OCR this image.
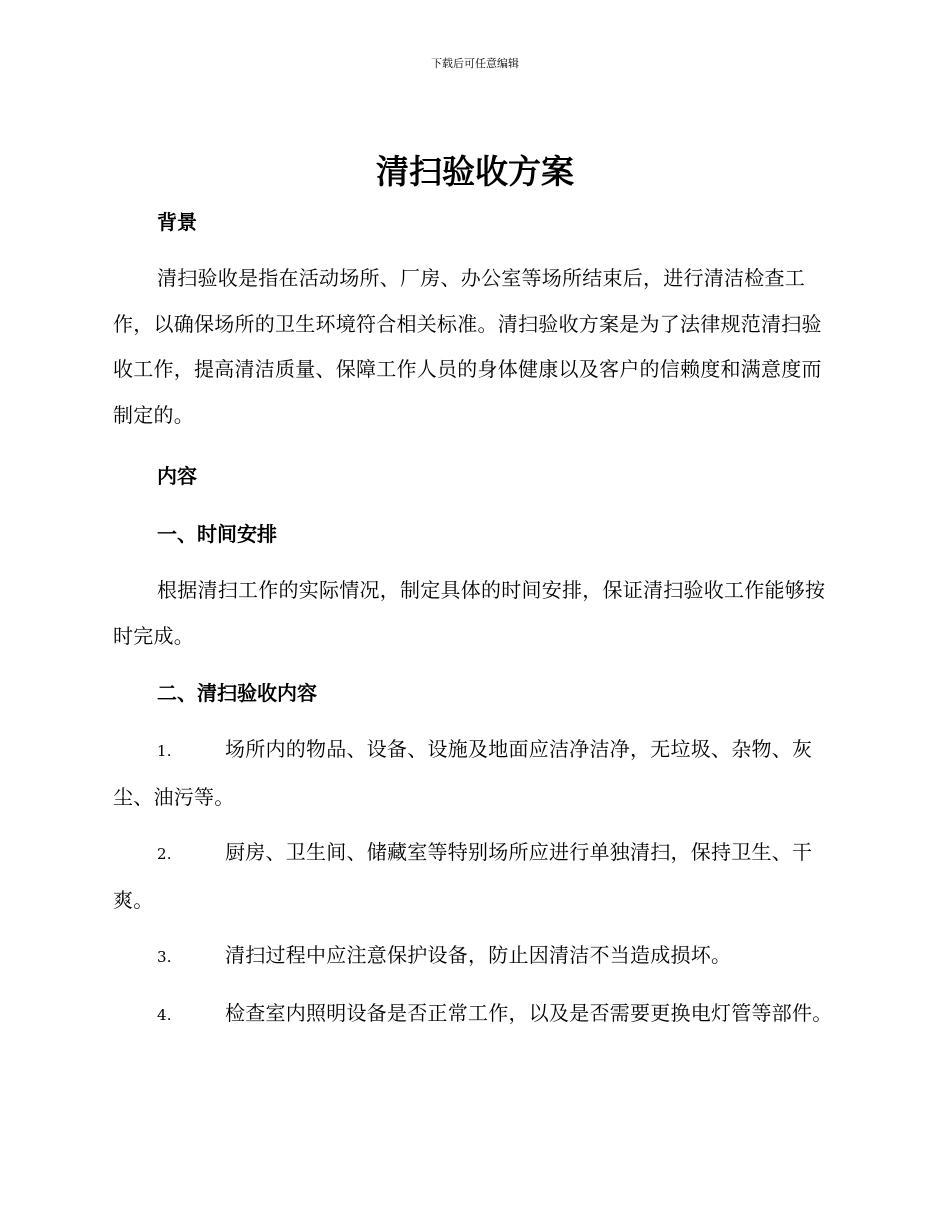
下载后可任意编辑
清扫验收方案

背景

清扫验收是指在活动场所、厂房、办公室等场所结束后，进行清洁检查工作，以确保场所的卫生环境符合相关标准。清扫验收方案是为了法律规范清扫验收工作，提高清洁质量、保障工作人员的身体健康以及客户的信赖度和满意度而制定的。

内容

一、时间安排

根据清扫工作的实际情况，制定具体的时间安排，保证清扫验收工作能够按时完成。

二、清扫验收内容

1.	场所内的物品、设备、设施及地面应洁净洁净，无垃圾、杂物、灰尘、油污等。

2.	厨房、卫生间、储藏室等特别场所应进行单独清扫，保持卫生、干爽。

3.	清扫过程中应注意保护设备，防止因清洁不当造成损坏。

4.	检查室内照明设备是否正常工作，以及是否需要更换电灯管等部件。
